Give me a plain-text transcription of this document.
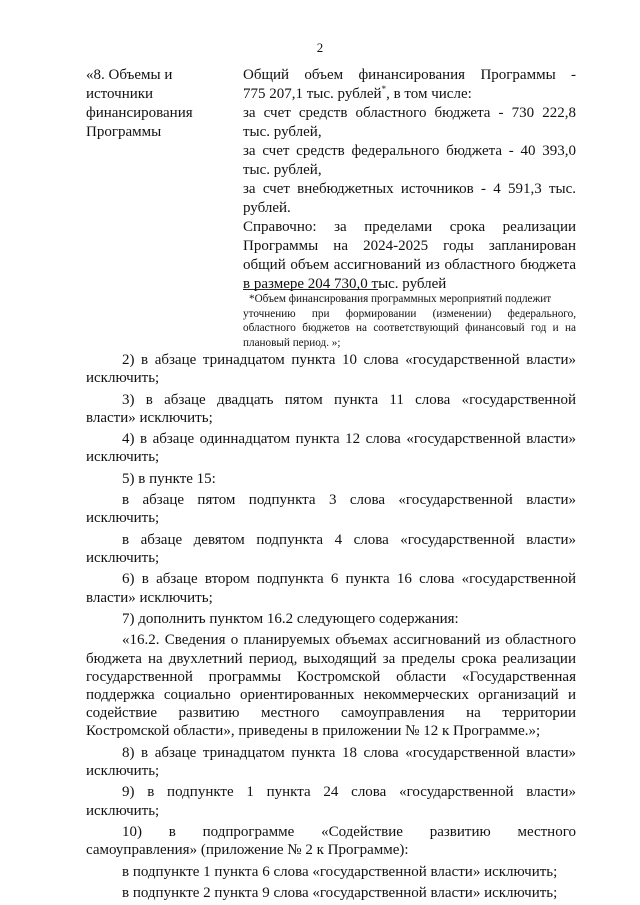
2
«8. Объемы и
источники
финансирования
Программы
Общий объем финансирования Программы -
775 207,1 тыс. рублей*, в том числе:
за счет средств областного бюджета - 730 222,8
тыс. рублей,
за счет средств федерального бюджета - 40 393,0
тыс. рублей,
за счет внебюджетных источников - 4 591,3 тыс.
рублей.
Справочно: за пределами срока реализации
Программы на 2024-2025 годы запланирован
общий объем ассигнований из областного бюджета
в размере 204 730,0 тыс. рублей
*Объем финансирования программных мероприятий подлежит
уточнению при формировании (изменении) федерального,
областного бюджетов на соответствующий финансовый год и на
плановый период. »;
2) в абзаце тринадцатом пункта 10 слова «государственной власти»
исключить;
3) в абзаце двадцать пятом пункта 11 слова «государственной
власти» исключить;
4) в абзаце одиннадцатом пункта 12 слова «государственной власти»
исключить;
5) в пункте 15:
в абзаце пятом подпункта 3 слова «государственной власти»
исключить;
в абзаце девятом подпункта 4 слова «государственной власти»
исключить;
6) в абзаце втором подпункта 6 пункта 16 слова «государственной
власти» исключить;
7) дополнить пунктом 16.2 следующего содержания:
«16.2. Сведения о планируемых объемах ассигнований из областного
бюджета на двухлетний период, выходящий за пределы срока реализации
государственной программы Костромской области «Государственная
поддержка социально ориентированных некоммерческих организаций и
содействие развитию местного самоуправления на территории
Костромской области», приведены в приложении № 12 к Программе.»;
8) в абзаце тринадцатом пункта 18 слова «государственной власти»
исключить;
9) в подпункте 1 пункта 24 слова «государственной власти»
исключить;
10) в подпрограмме «Содействие развитию местного
самоуправления» (приложение № 2 к Программе):
в подпункте 1 пункта 6 слова «государственной власти» исключить;
в подпункте 2 пункта 9 слова «государственной власти» исключить;
